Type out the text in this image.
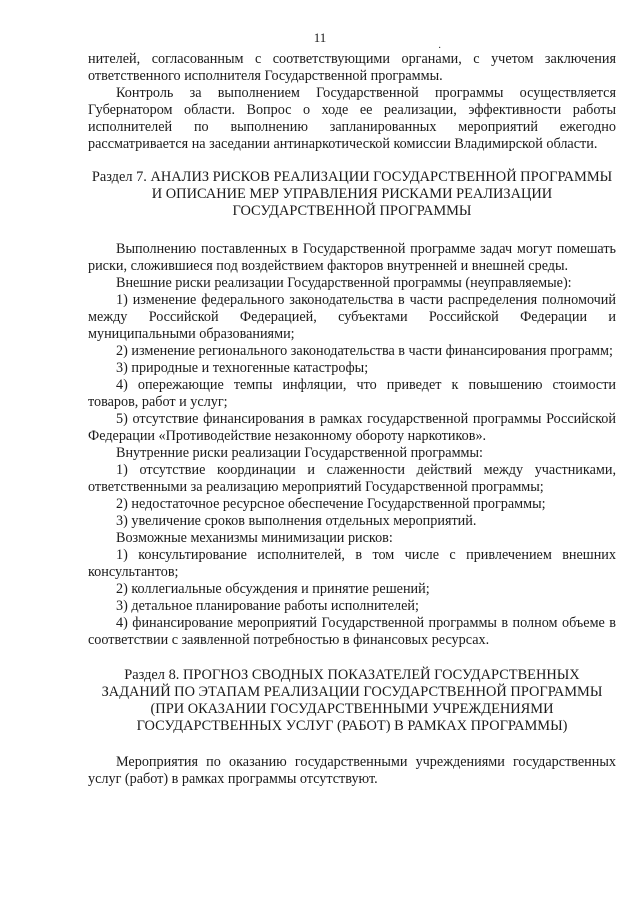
11
·

нителей, согласованным с соответствующими органами, с учетом заключения ответственного исполнителя Государственной программы.

Контроль за выполнением Государственной программы осуществляется Губернатором области. Вопрос о ходе ее реализации, эффективности работы исполнителей по выполнению запланированных мероприятий ежегодно рассматривается на заседании антинаркотической комиссии Владимирской области.

Раздел 7. АНАЛИЗ РИСКОВ РЕАЛИЗАЦИИ ГОСУДАРСТВЕННОЙ ПРОГРАММЫ И ОПИСАНИЕ МЕР УПРАВЛЕНИЯ РИСКАМИ РЕАЛИЗАЦИИ ГОСУДАРСТВЕННОЙ ПРОГРАММЫ

Выполнению поставленных в Государственной программе задач могут помешать риски, сложившиеся под воздействием факторов внутренней и внешней среды.

Внешние риски реализации Государственной программы (неуправляемые):

1) изменение федерального законодательства в части распределения полномочий между Российской Федерацией, субъектами Российской Федерации и муниципальными образованиями;

2) изменение регионального законодательства в части финансирования программ;

3) природные и техногенные катастрофы;

4) опережающие темпы инфляции, что приведет к повышению стоимости товаров, работ и услуг;

5) отсутствие финансирования в рамках государственной программы Российской Федерации «Противодействие незаконному обороту наркотиков».

Внутренние риски реализации Государственной программы:

1) отсутствие координации и слаженности действий между участниками, ответственными за реализацию мероприятий Государственной программы;

2) недостаточное ресурсное обеспечение Государственной программы;

3) увеличение сроков выполнения отдельных мероприятий.

Возможные механизмы минимизации рисков:

1) консультирование исполнителей, в том числе с привлечением внешних консультантов;

2) коллегиальные обсуждения и принятие решений;

3) детальное планирование работы исполнителей;

4) финансирование мероприятий Государственной программы в полном объеме в соответствии с заявленной потребностью в финансовых ресурсах.

Раздел 8. ПРОГНОЗ СВОДНЫХ ПОКАЗАТЕЛЕЙ ГОСУДАРСТВЕННЫХ ЗАДАНИЙ ПО ЭТАПАМ РЕАЛИЗАЦИИ ГОСУДАРСТВЕННОЙ ПРОГРАММЫ (ПРИ ОКАЗАНИИ ГОСУДАРСТВЕННЫМИ УЧРЕЖДЕНИЯМИ ГОСУДАРСТВЕННЫХ УСЛУГ (РАБОТ) В РАМКАХ ПРОГРАММЫ)

Мероприятия по оказанию государственными учреждениями государственных услуг (работ) в рамках программы отсутствуют.
